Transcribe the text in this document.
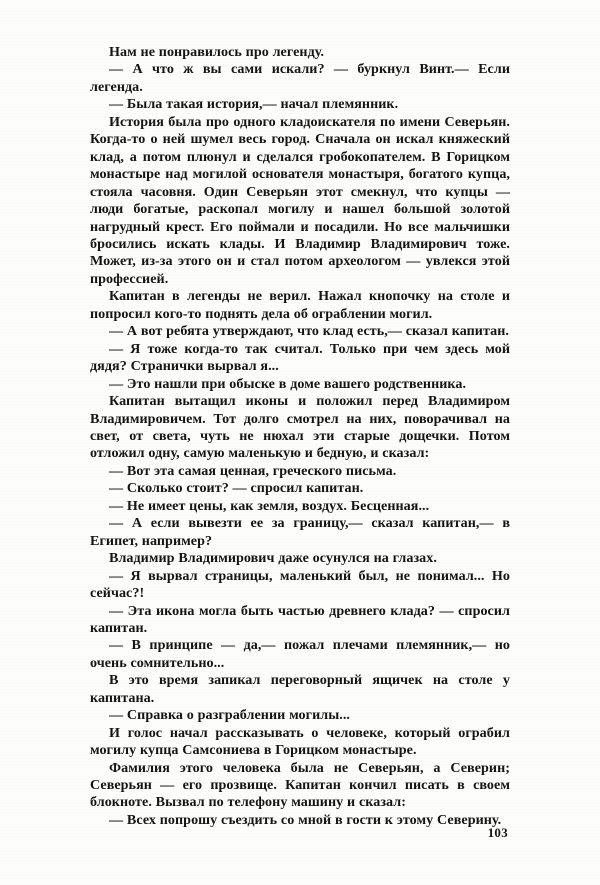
Нам не понравилось про легенду.

— А что ж вы сами искали? — буркнул Винт.— Если легенда.

— Была такая история,— начал племянник.

История была про одного кладоискателя по имени Северьян. Когда-то о ней шумел весь город. Сначала он искал княжеский клад, а потом плюнул и сделался гробокопателем. В Горицком монастыре над могилой основателя монастыря, богатого купца, стояла часовня. Один Северьян этот смекнул, что купцы — люди богатые, раскопал могилу и нашел большой золотой нагрудный крест. Его поймали и посадили. Но все мальчишки бросились искать клады. И Владимир Владимирович тоже. Может, из-за этого он и стал потом археологом — увлекся этой профессией.

Капитан в легенды не верил. Нажал кнопочку на столе и попросил кого-то поднять дела об ограблении могил.

— А вот ребята утверждают, что клад есть,— сказал капитан.

— Я тоже когда-то так считал. Только при чем здесь мой дядя? Странички вырвал я...

— Это нашли при обыске в доме вашего родственника.

Капитан вытащил иконы и положил перед Владимиром Владимировичем. Тот долго смотрел на них, поворачивал на свет, от света, чуть не нюхал эти старые дощечки. Потом отложил одну, самую маленькую и бедную, и сказал:

— Вот эта самая ценная, греческого письма.

— Сколько стоит? — спросил капитан.

— Не имеет цены, как земля, воздух. Бесценная...

— А если вывезти ее за границу,— сказал капитан,— в Египет, например?

Владимир Владимирович даже осунулся на глазах.

— Я вырвал страницы, маленький был, не понимал... Но сейчас?!

— Эта икона могла быть частью древнего клада? — спросил капитан.

— В принципе — да,— пожал плечами племянник,— но очень сомнительно...

В это время запикал переговорный ящичек на столе у капитана.

— Справка о разграблении могилы...

И голос начал рассказывать о человеке, который ограбил могилу купца Самсониева в Горицком монастыре.

Фамилия этого человека была не Северьян, а Северин; Северьян — его прозвище. Капитан кончил писать в своем блокноте. Вызвал по телефону машину и сказал:

— Всех попрошу съездить со мной в гости к этому Северину.

103
